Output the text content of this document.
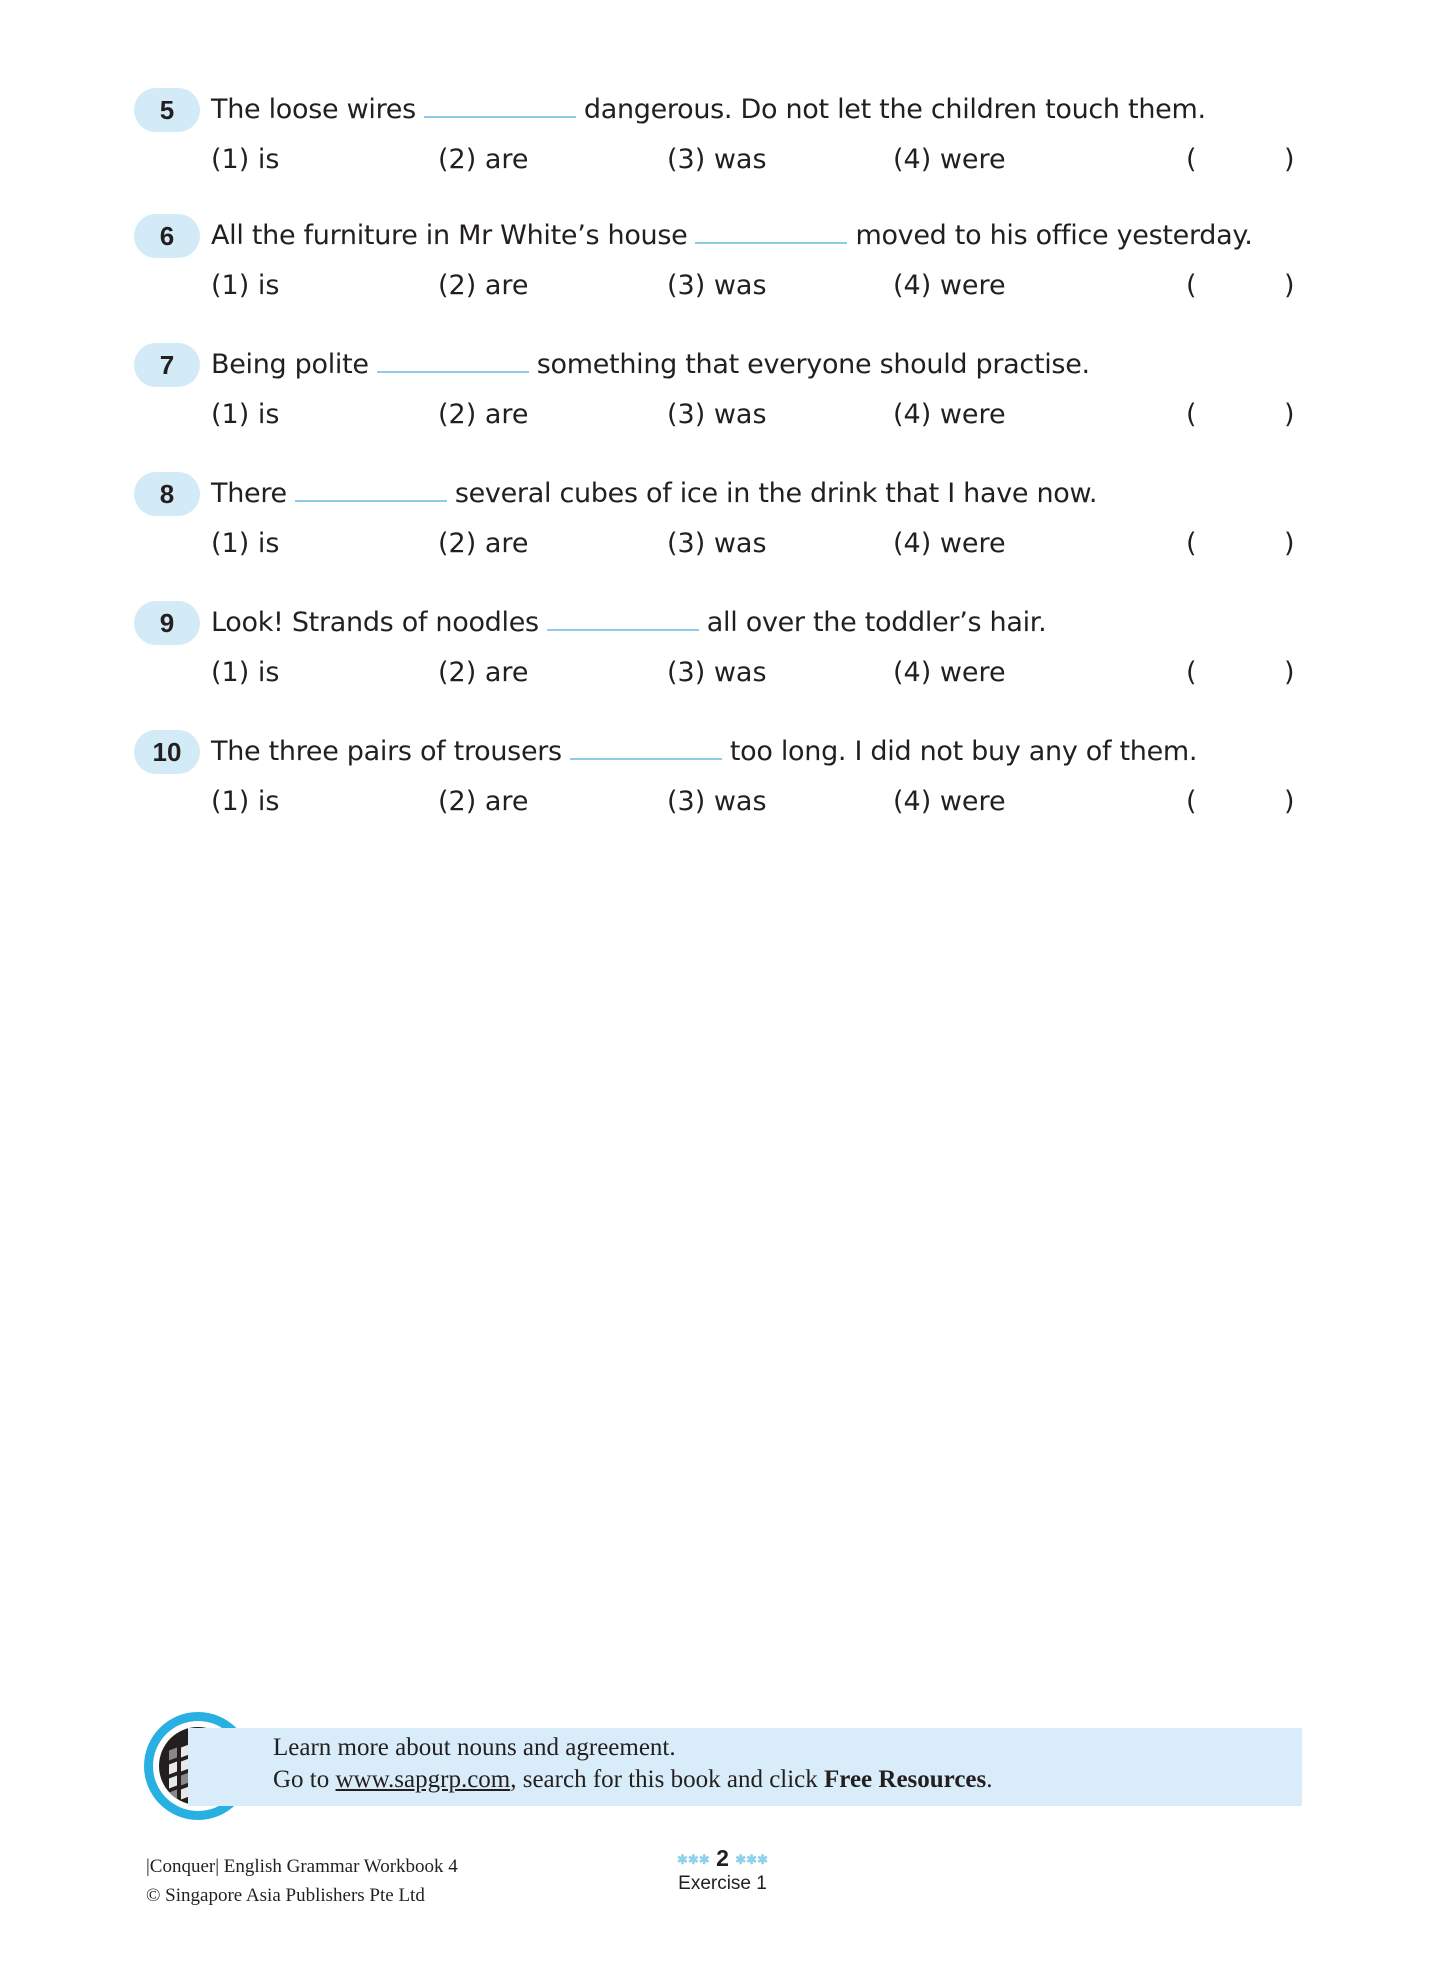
5	The loose wires	dangerous. Do not let the children touch them.
(1) is	(2) are	(3) was	(4) were	(	)
6	All the furniture in Mr White’s house	moved to his office yesterday.
(1) is	(2) are	(3) was	(4) were	(	)
7	Being polite	something that everyone should practise.
(1) is	(2) are	(3) was	(4) were	(	)
8	There	several cubes of ice in the drink that I have now.
(1) is	(2) are	(3) was	(4) were	(	)
9	Look! Strands of noodles	all over the toddler’s hair.
(1) is	(2) are	(3) was	(4) were	(	)
10	The three pairs of trousers	too long. I did not buy any of them.
(1) is	(2) are	(3) was	(4) were	(	)
Learn more about nouns and agreement.
Go to www.sapgrp.com, search for this book and click Free Resources.
|Conquer| English Grammar Workbook 4
© Singapore Asia Publishers Pte Ltd
✱✱✱ 2 ✱✱✱
Exercise 1
